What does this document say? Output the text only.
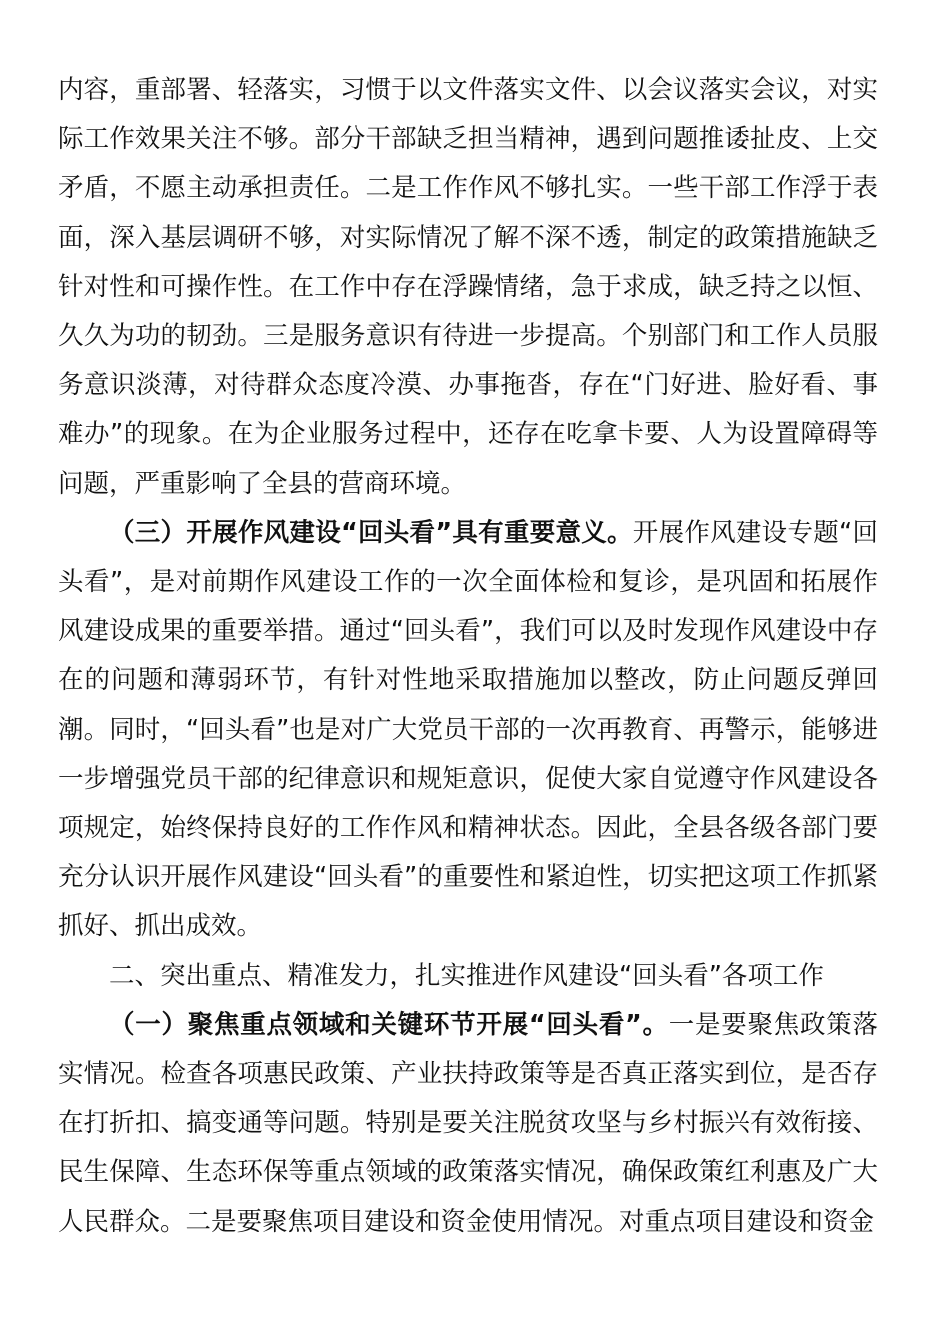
内容，重部署、轻落实，习惯于以文件落实文件、以会议落实会议，对实际工作效果关注不够。部分干部缺乏担当精神，遇到问题推诿扯皮、上交矛盾，不愿主动承担责任。二是工作作风不够扎实。一些干部工作浮于表面，深入基层调研不够，对实际情况了解不深不透，制定的政策措施缺乏针对性和可操作性。在工作中存在浮躁情绪，急于求成，缺乏持之以恒、久久为功的韧劲。三是服务意识有待进一步提高。个别部门和工作人员服务意识淡薄，对待群众态度冷漠、办事拖沓，存在“门好进、脸好看、事难办”的现象。在为企业服务过程中，还存在吃拿卡要、人为设置障碍等问题，严重影响了全县的营商环境。

（三）开展作风建设“回头看”具有重要意义。开展作风建设专题“回头看”，是对前期作风建设工作的一次全面体检和复诊，是巩固和拓展作风建设成果的重要举措。通过“回头看”，我们可以及时发现作风建设中存在的问题和薄弱环节，有针对性地采取措施加以整改，防止问题反弹回潮。同时，“回头看”也是对广大党员干部的一次再教育、再警示，能够进一步增强党员干部的纪律意识和规矩意识，促使大家自觉遵守作风建设各项规定，始终保持良好的工作作风和精神状态。因此，全县各级各部门要充分认识开展作风建设“回头看”的重要性和紧迫性，切实把这项工作抓紧抓好、抓出成效。

二、突出重点、精准发力，扎实推进作风建设“回头看”各项工作

（一）聚焦重点领域和关键环节开展“回头看”。一是要聚焦政策落实情况。检查各项惠民政策、产业扶持政策等是否真正落实到位，是否存在打折扣、搞变通等问题。特别是要关注脱贫攻坚与乡村振兴有效衔接、民生保障、生态环保等重点领域的政策落实情况，确保政策红利惠及广大人民群众。二是要聚焦项目建设和资金使用情况。对重点项目建设和资金
